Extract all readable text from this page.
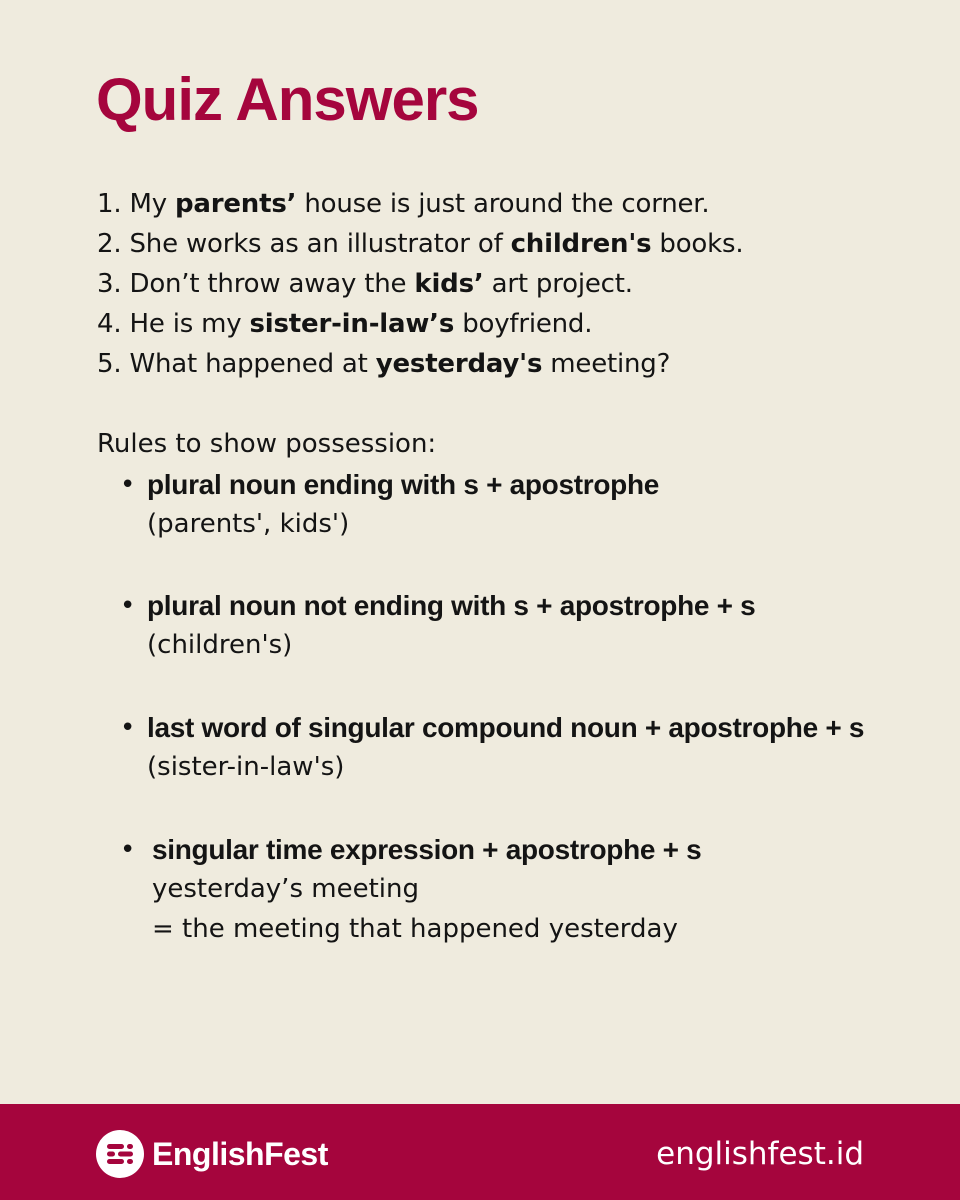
Quiz Answers
1. My parents’ house is just around the corner.
2. She works as an illustrator of children's books.
3. Don’t throw away the kids’ art project.
4. He is my sister-in-law’s boyfriend.
5. What happened at yesterday's meeting?
Rules to show possession:
• plural noun ending with s + apostrophe
(parents', kids')
• plural noun not ending with s + apostrophe + s
(children's)
• last word of singular compound noun + apostrophe + s
(sister-in-law's)
• singular time expression + apostrophe + s
yesterday’s meeting
= the meeting that happened yesterday
EnglishFest	englishfest.id
